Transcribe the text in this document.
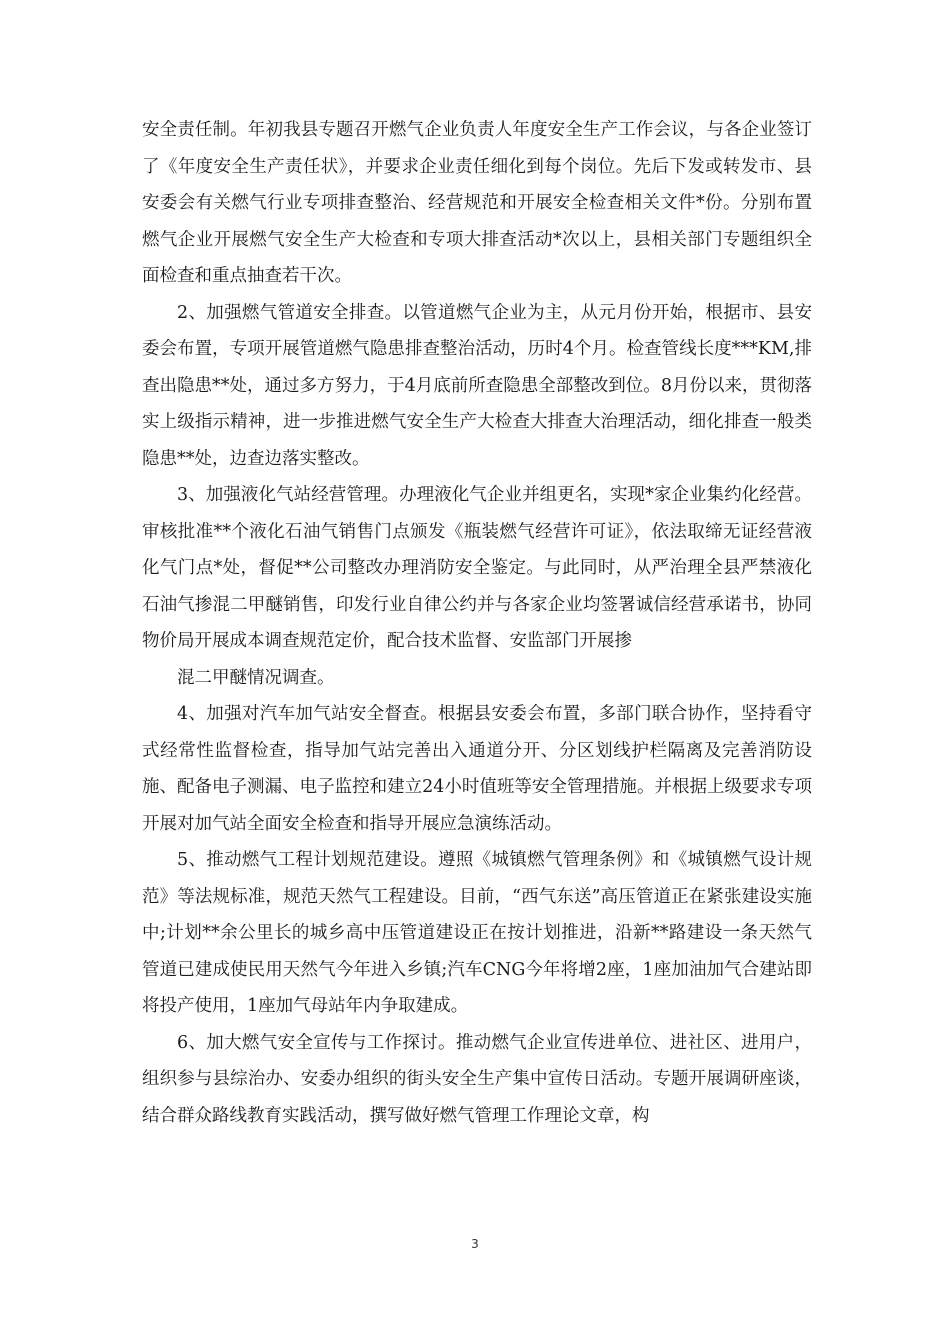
安全责任制。年初我县专题召开燃气企业负责人年度安全生产工作会议，与各企业签订了《年度安全生产责任状》，并要求企业责任细化到每个岗位。先后下发或转发市、县安委会有关燃气行业专项排查整治、经营规范和开展安全检查相关文件*份。分别布置燃气企业开展燃气安全生产大检查和专项大排查活动*次以上，县相关部门专题组织全面检查和重点抽查若干次。

2、加强燃气管道安全排查。以管道燃气企业为主，从元月份开始，根据市、县安委会布置，专项开展管道燃气隐患排查整治活动，历时4个月。检查管线长度***KM,排查出隐患**处，通过多方努力，于4月底前所查隐患全部整改到位。8月份以来，贯彻落实上级指示精神，进一步推进燃气安全生产大检查大排查大治理活动，细化排查一般类隐患**处，边查边落实整改。

3、加强液化气站经营管理。办理液化气企业并组更名，实现*家企业集约化经营。审核批准**个液化石油气销售门点颁发《瓶装燃气经营许可证》，依法取缔无证经营液化气门点*处，督促**公司整改办理消防安全鉴定。与此同时，从严治理全县严禁液化石油气掺混二甲醚销售，印发行业自律公约并与各家企业均签署诚信经营承诺书，协同物价局开展成本调查规范定价，配合技术监督、安监部门开展掺

混二甲醚情况调查。

4、加强对汽车加气站安全督查。根据县安委会布置，多部门联合协作，坚持看守式经常性监督检查，指导加气站完善出入通道分开、分区划线护栏隔离及完善消防设施、配备电子测漏、电子监控和建立24小时值班等安全管理措施。并根据上级要求专项开展对加气站全面安全检查和指导开展应急演练活动。

5、推动燃气工程计划规范建设。遵照《城镇燃气管理条例》和《城镇燃气设计规范》等法规标准，规范天然气工程建设。目前，“西气东送”高压管道正在紧张建设实施中;计划**余公里长的城乡高中压管道建设正在按计划推进，沿新**路建设一条天然气管道已建成使民用天然气今年进入乡镇;汽车CNG今年将增2座，1座加油加气合建站即将投产使用，1座加气母站年内争取建成。

6、加大燃气安全宣传与工作探讨。推动燃气企业宣传进单位、进社区、进用户，组织参与县综治办、安委办组织的街头安全生产集中宣传日活动。专题开展调研座谈，结合群众路线教育实践活动，撰写做好燃气管理工作理论文章，构

3
